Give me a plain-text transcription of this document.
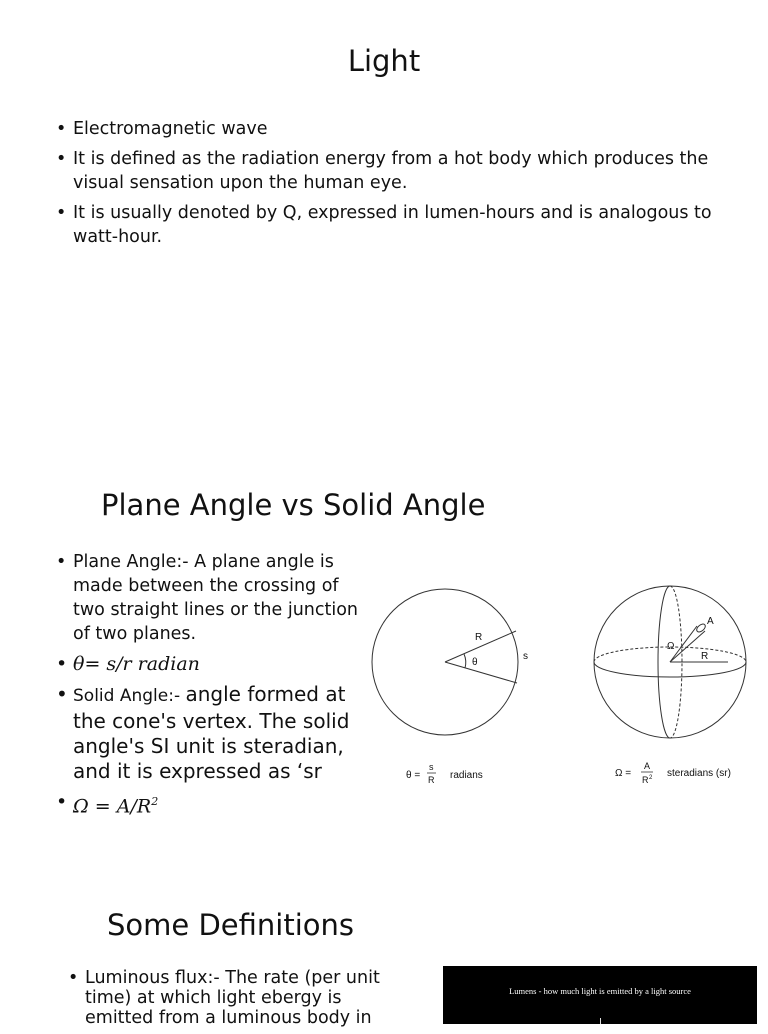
Light
• Electromagnetic wave
• It is defined as the radiation energy from a hot body which produces the visual sensation upon the human eye.
• It is usually denoted by Q, expressed in lumen-hours and is analogous to watt-hour.
Plane Angle vs Solid Angle
• Plane Angle:- A plane angle is made between the crossing of two straight lines or the junction of two planes.
• θ= s/r radian
• Solid Angle:- angle formed at the cone's vertex. The solid angle's SI unit is steradian, and it is expressed as ‘sr
• $\Omega = A/R^2$
R
θ
s
θ =
s
R radians
A
Ω
R
Ω =
A
R 2 steradians (sr)
Some Definitions
• Luminous flux:- The rate (per unit time) at which light ebergy is emitted from a luminous body in
Lumens - how much light is emitted by a light source
